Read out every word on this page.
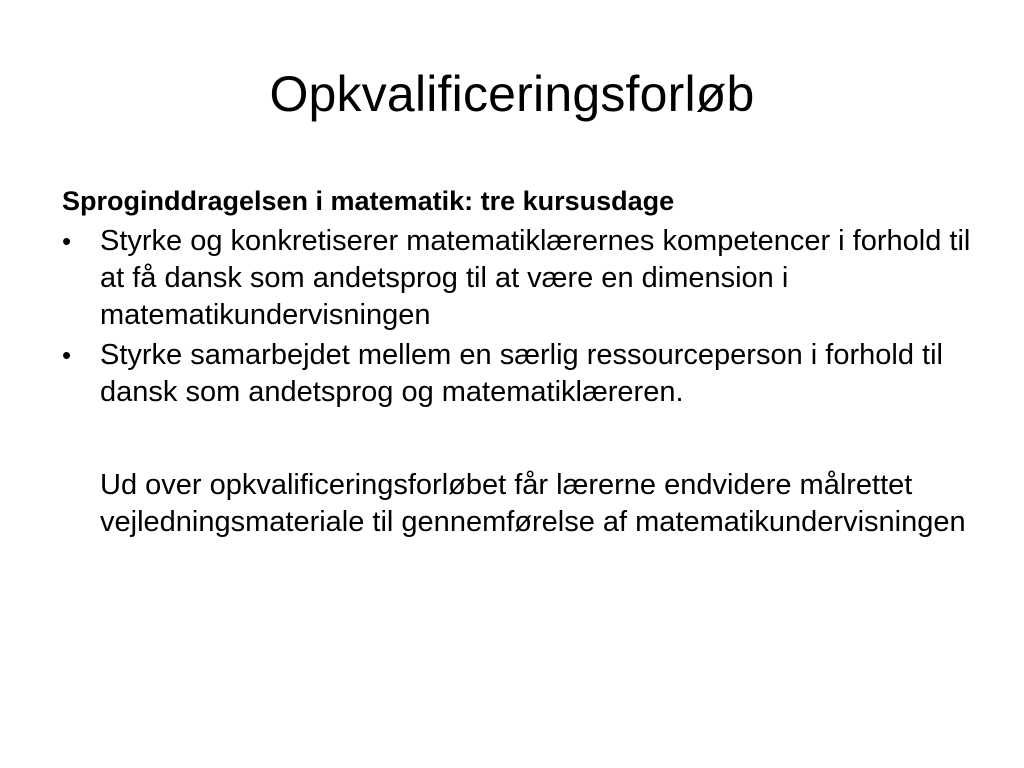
Opkvalificeringsforløb

Sproginddragelsen i matematik: tre kursusdage

• Styrke og konkretiserer matematiklærernes kompetencer i forhold til at få dansk som andetsprog til at være en dimension i matematikundervisningen
• Styrke samarbejdet mellem en særlig ressourceperson i forhold til dansk som andetsprog og matematiklæreren.

Ud over opkvalificeringsforløbet får lærerne endvidere målrettet vejledningsmateriale til gennemførelse af matematikundervisningen
